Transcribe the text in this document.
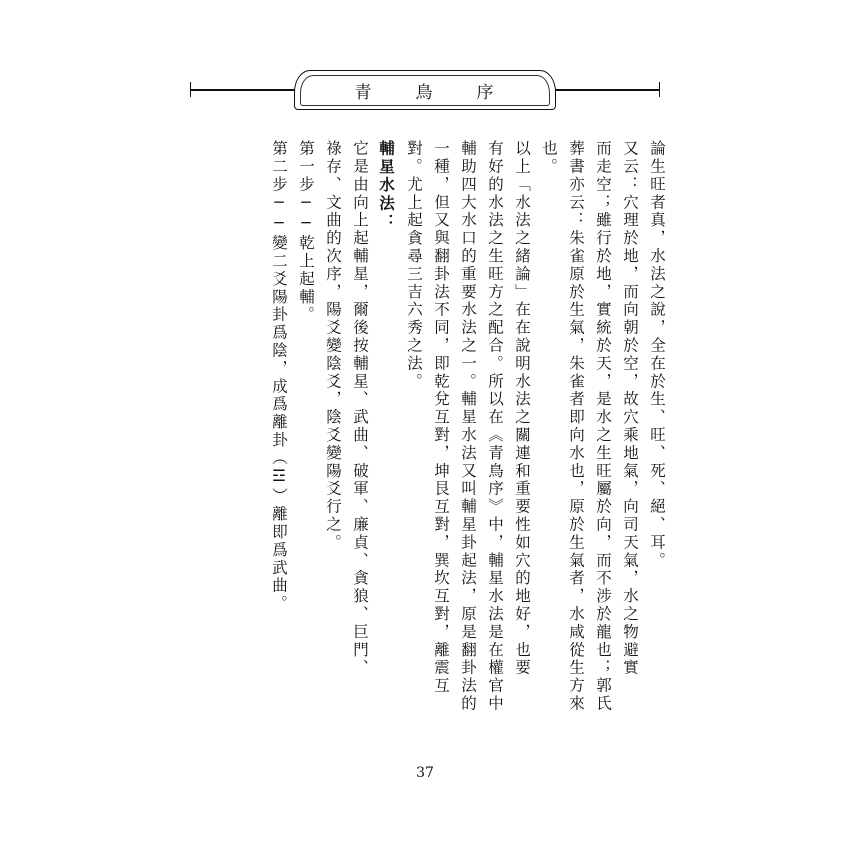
青 鳥 序
論生旺者真，水法之說，全在於生、旺、死、絕、耳。
又云：穴理於地，而向朝於空，故穴乘地氣，向司天氣，水之物避實
而走空；雖行於地，實統於天，是水之生旺屬於向，而不涉於龍也；郭氏
葬書亦云：朱雀原於生氣，朱雀者即向水也，原於生氣者，水咸從生方來
也。
以上「水法之緒論」在在說明水法之關連和重要性如穴的地好，也要
有好的水法之生旺方之配合。所以在《青鳥序》中，輔星水法是在權官中
輔助四大水口的重要水法之一。輔星水法又叫輔星卦起法，原是翻卦法的
一種，但又與翻卦法不同，即乾兌互對，坤艮互對，巽坎互對，離震互
對。尤上起貪尋三吉六秀之法。
輔星水法：
它是由向上起輔星，爾後按輔星、武曲、破軍、廉貞、貪狼、巨門、
祿存、文曲的次序，陽爻變陰爻，陰爻變陽爻行之。
第一步──乾上起輔。
第二步──變二爻陽卦爲陰，成爲離卦（☲）離即爲武曲。
37
